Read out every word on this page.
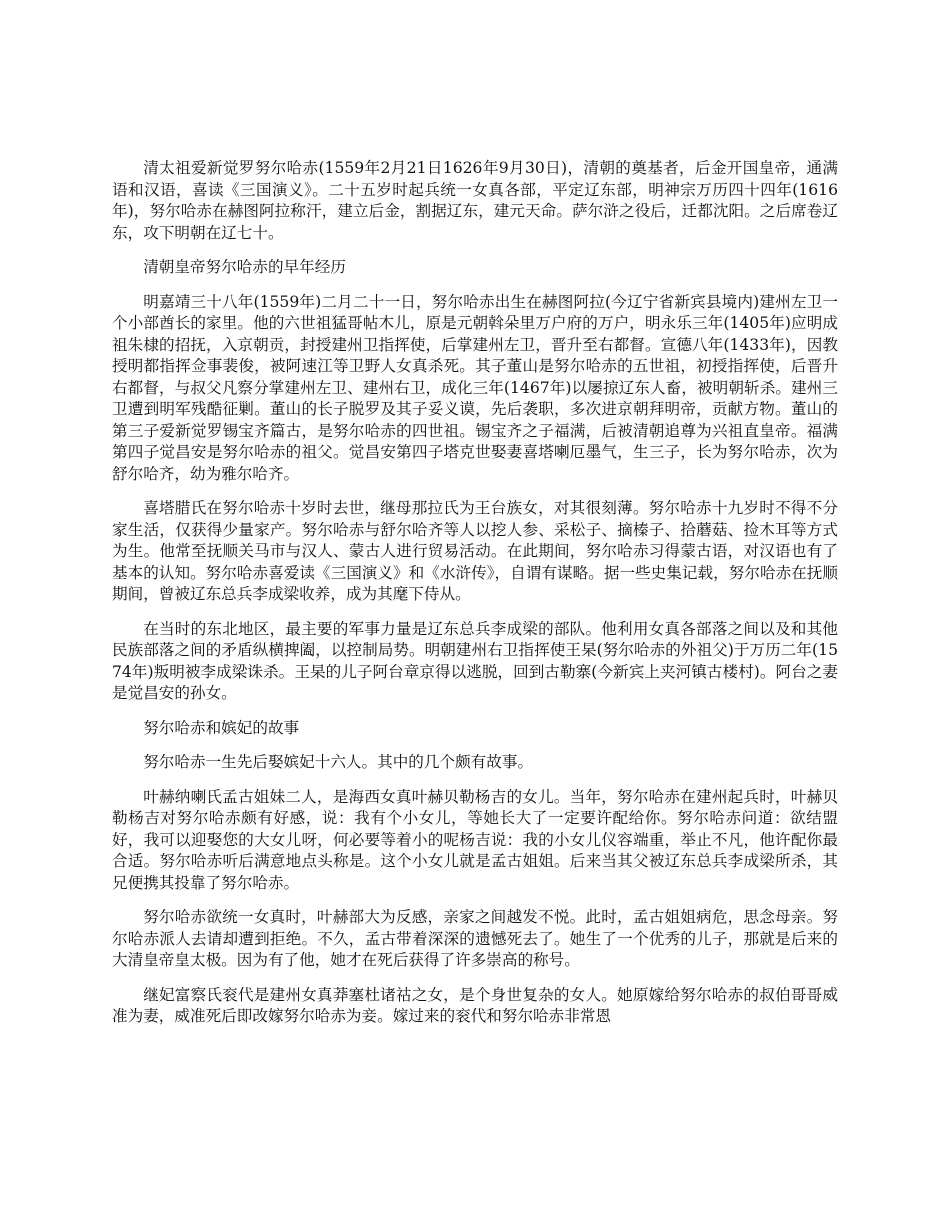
清太祖爱新觉罗努尔哈赤(1559年2月21日1626年9月30日)，清朝的奠基者，后金开国皇帝，通满语和汉语，喜读《三国演义》。二十五岁时起兵统一女真各部，平定辽东部，明神宗万历四十四年(1616年)，努尔哈赤在赫图阿拉称汗，建立后金，割据辽东，建元天命。萨尔浒之役后，迁都沈阳。之后席卷辽东，攻下明朝在辽七十。

清朝皇帝努尔哈赤的早年经历

明嘉靖三十八年(1559年)二月二十一日，努尔哈赤出生在赫图阿拉(今辽宁省新宾县境内)建州左卫一个小部酋长的家里。他的六世祖猛哥帖木儿，原是元朝斡朵里万户府的万户，明永乐三年(1405年)应明成祖朱棣的招抚，入京朝贡，封授建州卫指挥使，后掌建州左卫，晋升至右都督。宣德八年(1433年)，因教授明都指挥佥事裴俊，被阿速江等卫野人女真杀死。其子董山是努尔哈赤的五世祖，初授指挥使，后晋升右都督，与叔父凡察分掌建州左卫、建州右卫，成化三年(1467年)以屡掠辽东人畜，被明朝斩杀。建州三卫遭到明军残酷征剿。董山的长子脱罗及其子妥义谟，先后袭职，多次进京朝拜明帝，贡献方物。董山的第三子爱新觉罗锡宝齐篇古，是努尔哈赤的四世祖。锡宝齐之子福满，后被清朝追尊为兴祖直皇帝。福满第四子觉昌安是努尔哈赤的祖父。觉昌安第四子塔克世娶妻喜塔喇厄墨气，生三子，长为努尔哈赤，次为舒尔哈齐，幼为雅尔哈齐。

喜塔腊氏在努尔哈赤十岁时去世，继母那拉氏为王台族女，对其很刻薄。努尔哈赤十九岁时不得不分家生活，仅获得少量家产。努尔哈赤与舒尔哈齐等人以挖人参、采松子、摘榛子、拾蘑菇、捡木耳等方式为生。他常至抚顺关马市与汉人、蒙古人进行贸易活动。在此期间，努尔哈赤习得蒙古语，对汉语也有了基本的认知。努尔哈赤喜爱读《三国演义》和《水浒传》，自谓有谋略。据一些史集记载，努尔哈赤在抚顺期间，曾被辽东总兵李成梁收养，成为其麾下侍从。

在当时的东北地区，最主要的军事力量是辽东总兵李成梁的部队。他利用女真各部落之间以及和其他民族部落之间的矛盾纵横捭阖，以控制局势。明朝建州右卫指挥使王杲(努尔哈赤的外祖父)于万历二年(1574年)叛明被李成梁诛杀。王杲的儿子阿台章京得以逃脱，回到古勒寨(今新宾上夹河镇古楼村)。阿台之妻是觉昌安的孙女。

努尔哈赤和嫔妃的故事

努尔哈赤一生先后娶嫔妃十六人。其中的几个颇有故事。

叶赫纳喇氏孟古姐妹二人，是海西女真叶赫贝勒杨吉的女儿。当年，努尔哈赤在建州起兵时，叶赫贝勒杨吉对努尔哈赤颇有好感，说：我有个小女儿，等她长大了一定要许配给你。努尔哈赤问道：欲结盟好，我可以迎娶您的大女儿呀，何必要等着小的呢杨吉说：我的小女儿仪容端重，举止不凡，他许配你最合适。努尔哈赤听后满意地点头称是。这个小女儿就是孟古姐姐。后来当其父被辽东总兵李成梁所杀，其兄便携其投靠了努尔哈赤。

努尔哈赤欲统一女真时，叶赫部大为反感，亲家之间越发不悦。此时，孟古姐姐病危，思念母亲。努尔哈赤派人去请却遭到拒绝。不久，孟古带着深深的遗憾死去了。她生了一个优秀的儿子，那就是后来的大清皇帝皇太极。因为有了他，她才在死后获得了许多崇高的称号。

继妃富察氏衮代是建州女真莽塞杜诸祜之女，是个身世复杂的女人。她原嫁给努尔哈赤的叔伯哥哥威准为妻，威准死后即改嫁努尔哈赤为妾。嫁过来的衮代和努尔哈赤非常恩
